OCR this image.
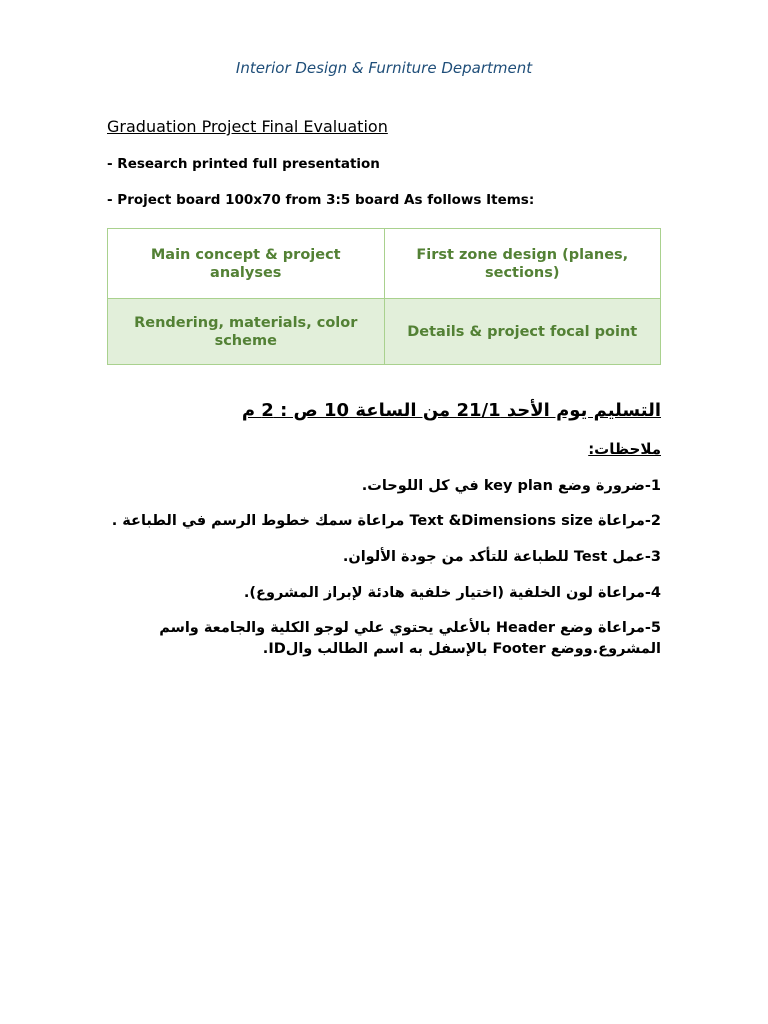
Interior Design & Furniture Department
Graduation Project Final Evaluation
- Research printed full presentation
- Project board 100x70 from 3:5 board As follows Items:
Main concept & project analyses	First zone design (planes, sections)
Rendering, materials, color scheme	Details & project focal point
التسليم يوم الأحد 21/1 من الساعة 10 ص : 2 م
ملاحظات:
1-ضرورة وضع key plan في كل اللوحات.
2-مراعاة Text &Dimensions size مراعاة سمك خطوط الرسم في الطباعة .
3-عمل Test للطباعة للتأكد من جودة الألوان.
4-مراعاة لون الخلفية (اختيار خلفية هادئة لإبراز المشروع).
5-مراعاة وضع Header بالأعلي يحتوي علي لوجو الكلية والجامعة واسم المشروع.ووضع Footer بالإسفل به اسم الطالب والID.
